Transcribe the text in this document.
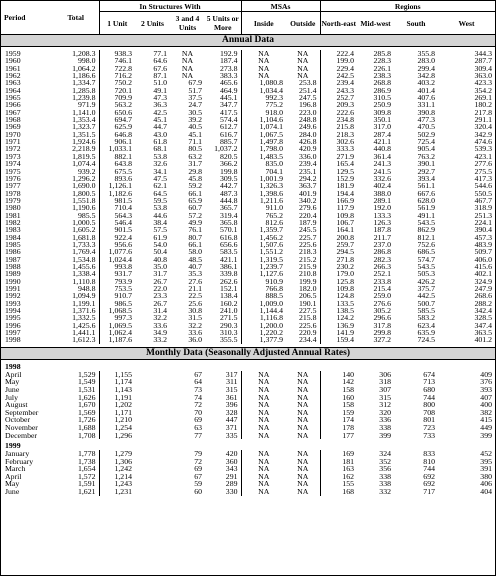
Period	Total	In Structures With				MSAs		Regions			
		1 Unit	2 Units	3 and 4 Units	5 Units or More	Inside	Outside	North-east	Mid-west	South	West
Annual Data											

1959	1,208.3	938.3	77.1	NA	192.9	NA	NA	222.4	285.8	355.8	344.3
1960	998.0	746.1	64.6	NA	187.4	NA	NA	199.0	228.3	283.0	287.7
1961	1,064.2	722.8	67.6	NA	273.8	NA	NA	229.4	226.1	299.4	309.4
1962	1,186.6	716.2	87.1	NA	383.3	NA	NA	242.5	238.3	342.8	363.0
1963	1,334.7	750.2	51.0	67.9	465.6	1,080.8	253.8	239.4	268.8	403.2	423.3
1964	1,285.8	720.1	49.1	51.7	464.9	1,034.4	251.4	243.3	286.9	401.4	354.2
1965	1,239.8	709.9	47.3	37.5	445.1	992.3	247.5	252.7	310.5	407.6	269.1
1966	971.9	563.2	36.3	24.7	347.7	775.2	196.8	209.3	250.9	331.1	180.2
1967	1,141.0	650.6	42.5	30.5	417.5	918.0	223.0	222.6	309.8	390.8	217.8
1968	1,353.4	694.7	45.1	39.2	574.4	1,104.6	248.8	234.8	350.1	477.3	291.1
1969	1,323.7	625.9	44.7	40.5	612.7	1,074.1	249.6	215.8	317.0	470.5	320.4
1970	1,351.5	646.8	43.0	45.1	616.7	1,067.5	284.0	218.3	287.4	502.9	342.9
1971	1,924.6	906.1	61.8	71.1	885.7	1,497.8	426.8	302.6	421.1	725.4	474.6
1972	2,218.9	1,033.1	68.1	80.5	1,037.2	1,798.0	420.9	333.3	440.8	905.4	539.3
1973	1,819.5	882.1	53.8	63.2	820.5	1,483.5	336.0	271.9	361.4	763.2	423.1
1974	1,074.4	643.8	32.6	31.7	366.2	835.0	239.4	165.4	241.3	390.1	277.6
1975	939.2	675.5	34.1	29.8	199.8	704.1	235.1	129.5	241.5	292.7	275.5
1976	1,296.2	893.6	47.5	45.8	309.5	1,001.9	294.2	152.9	332.6	393.4	417.3
1977	1,690.0	1,126.1	62.1	59.2	442.7	1,326.3	363.7	181.9	402.4	561.1	544.6
1978	1,800.5	1,182.6	64.5	66.1	487.3	1,398.6	401.9	194.4	388.0	667.6	550.5
1979	1,551.8	981.5	59.5	65.9	444.8	1,211.6	340.2	166.9	289.1	628.0	467.7
1980	1,190.6	710.4	53.8	60.7	365.7	911.0	279.6	117.9	192.0	561.9	318.9
1981	985.5	564.3	44.6	57.2	319.4	765.2	220.4	109.8	133.3	491.1	251.3
1982	1,000.5	546.4	38.4	49.9	365.8	812.6	187.9	106.7	126.3	543.5	224.1
1983	1,605.2	901.5	57.5	76.1	570.1	1,359.7	245.5	164.1	187.8	862.9	390.4
1984	1,681.8	922.4	61.9	80.7	616.8	1,456.2	225.7	200.8	211.7	812.1	457.3
1985	1,733.3	956.6	54.0	66.1	656.6	1,507.6	225.6	259.7	237.0	752.6	483.9
1986	1,769.4	1,077.6	50.4	58.0	583.5	1,551.2	218.3	294.5	286.8	686.5	509.7
1987	1,534.8	1,024.4	40.8	48.5	421.1	1,319.5	215.2	271.8	282.3	574.7	406.0
1988	1,455.6	993.8	35.0	40.7	386.1	1,239.7	215.9	230.2	266.3	543.5	415.6
1989	1,338.4	931.7	31.7	35.3	339.8	1,127.6	210.8	179.0	252.1	505.3	402.1
1990	1,110.8	793.9	26.7	27.6	262.6	910.9	199.9	125.8	233.8	426.2	324.9
1991	948.8	753.5	22.0	21.1	152.1	766.8	182.0	109.8	215.4	375.7	247.9
1992	1,094.9	910.7	23.3	22.5	138.4	888.5	206.5	124.8	259.0	442.5	268.6
1993	1,199.1	986.5	26.7	25.6	160.2	1,009.0	190.1	133.5	276.6	500.7	288.2
1994	1,371.6	1,068.5	31.4	30.8	241.0	1,144.4	227.5	138.5	305.2	585.5	342.4
1995	1,332.5	997.3	32.2	31.5	271.5	1,116.8	215.8	124.2	296.6	583.2	328.5
1996	1,425.6	1,069.5	33.6	32.2	290.3	1,200.0	225.6	136.9	317.8	623.4	347.4
1997	1,441.1	1,062.4	34.9	33.6	310.3	1,220.2	220.9	141.9	299.8	635.9	363.5
1998	1,612.3	1,187.6	33.2	36.0	355.5	1,377.9	234.4	159.4	327.2	724.5	401.2

Monthly Data (Seasonally Adjusted Annual Rates)											

1998											
April	1,529	1,155		67	317	NA	NA	140	306	674	409
May	1,549	1,174		64	311	NA	NA	142	318	713	376
June	1,531	1,143		73	315	NA	NA	158	307	680	393
July	1,626	1,191		74	361	NA	NA	160	315	744	407
August	1,670	1,202		72	396	NA	NA	158	312	800	400
September	1,569	1,171		70	328	NA	NA	159	320	708	382
October	1,726	1,210		69	447	NA	NA	174	336	801	415
November	1,688	1,254		63	371	NA	NA	178	338	723	449
December	1,708	1,296		77	335	NA	NA	177	399	733	399

1999											
January	1,778	1,279		79	420	NA	NA	169	324	833	452
February	1,738	1,306		72	360	NA	NA	181	352	810	395
March	1,654	1,242		69	343	NA	NA	163	356	744	391
April	1,572	1,214		67	291	NA	NA	162	338	692	380
May	1,591	1,243		59	289	NA	NA	155	338	692	406
June	1,621	1,231		60	330	NA	NA	168	332	717	404
